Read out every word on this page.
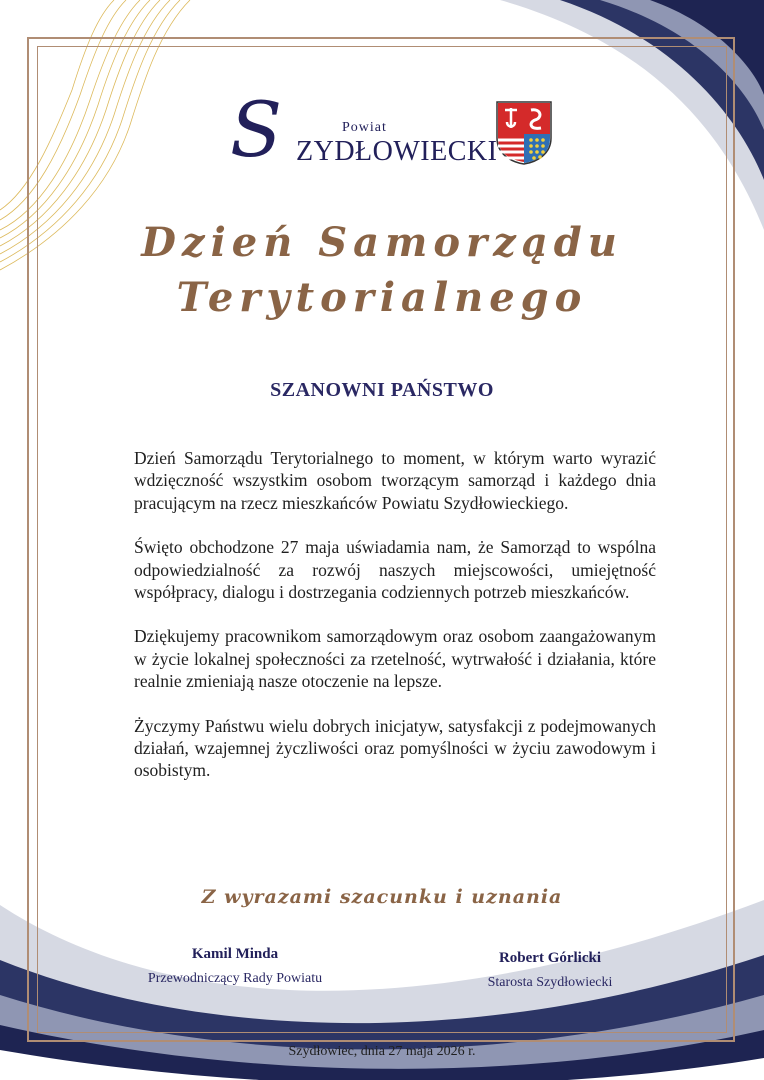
S	Powiat
ZYDŁOWIECKI
Dzień Samorządu
Terytorialnego
SZANOWNI PAŃSTWO

Dzień Samorządu Terytorialnego to moment, w którym warto wyrazić wdzięczność wszystkim osobom tworzącym samorząd i każdego dnia pracującym na rzecz mieszkańców Powiatu Szydłowieckiego.

Święto obchodzone 27 maja uświadamia nam, że Samorząd to wspólna odpowiedzialność za rozwój naszych miejscowości, umiejętność współpracy, dialogu i dostrzegania codziennych potrzeb mieszkańców.

Dziękujemy pracownikom samorządowym oraz osobom zaangażowanym w życie lokalnej społeczności za rzetelność, wytrwałość i działania, które realnie zmieniają nasze otoczenie na lepsze.

Życzymy Państwu wielu dobrych inicjatyw, satysfakcji z podejmowanych działań, wzajemnej życzliwości oraz pomyślności w życiu zawodowym i osobistym.

Z wyrazami szacunku i uznania
Kamil Minda
Przewodniczący Rady Powiatu
Robert Górlicki
Starosta Szydłowiecki
Szydłowiec, dnia 27 maja 2026 r.
